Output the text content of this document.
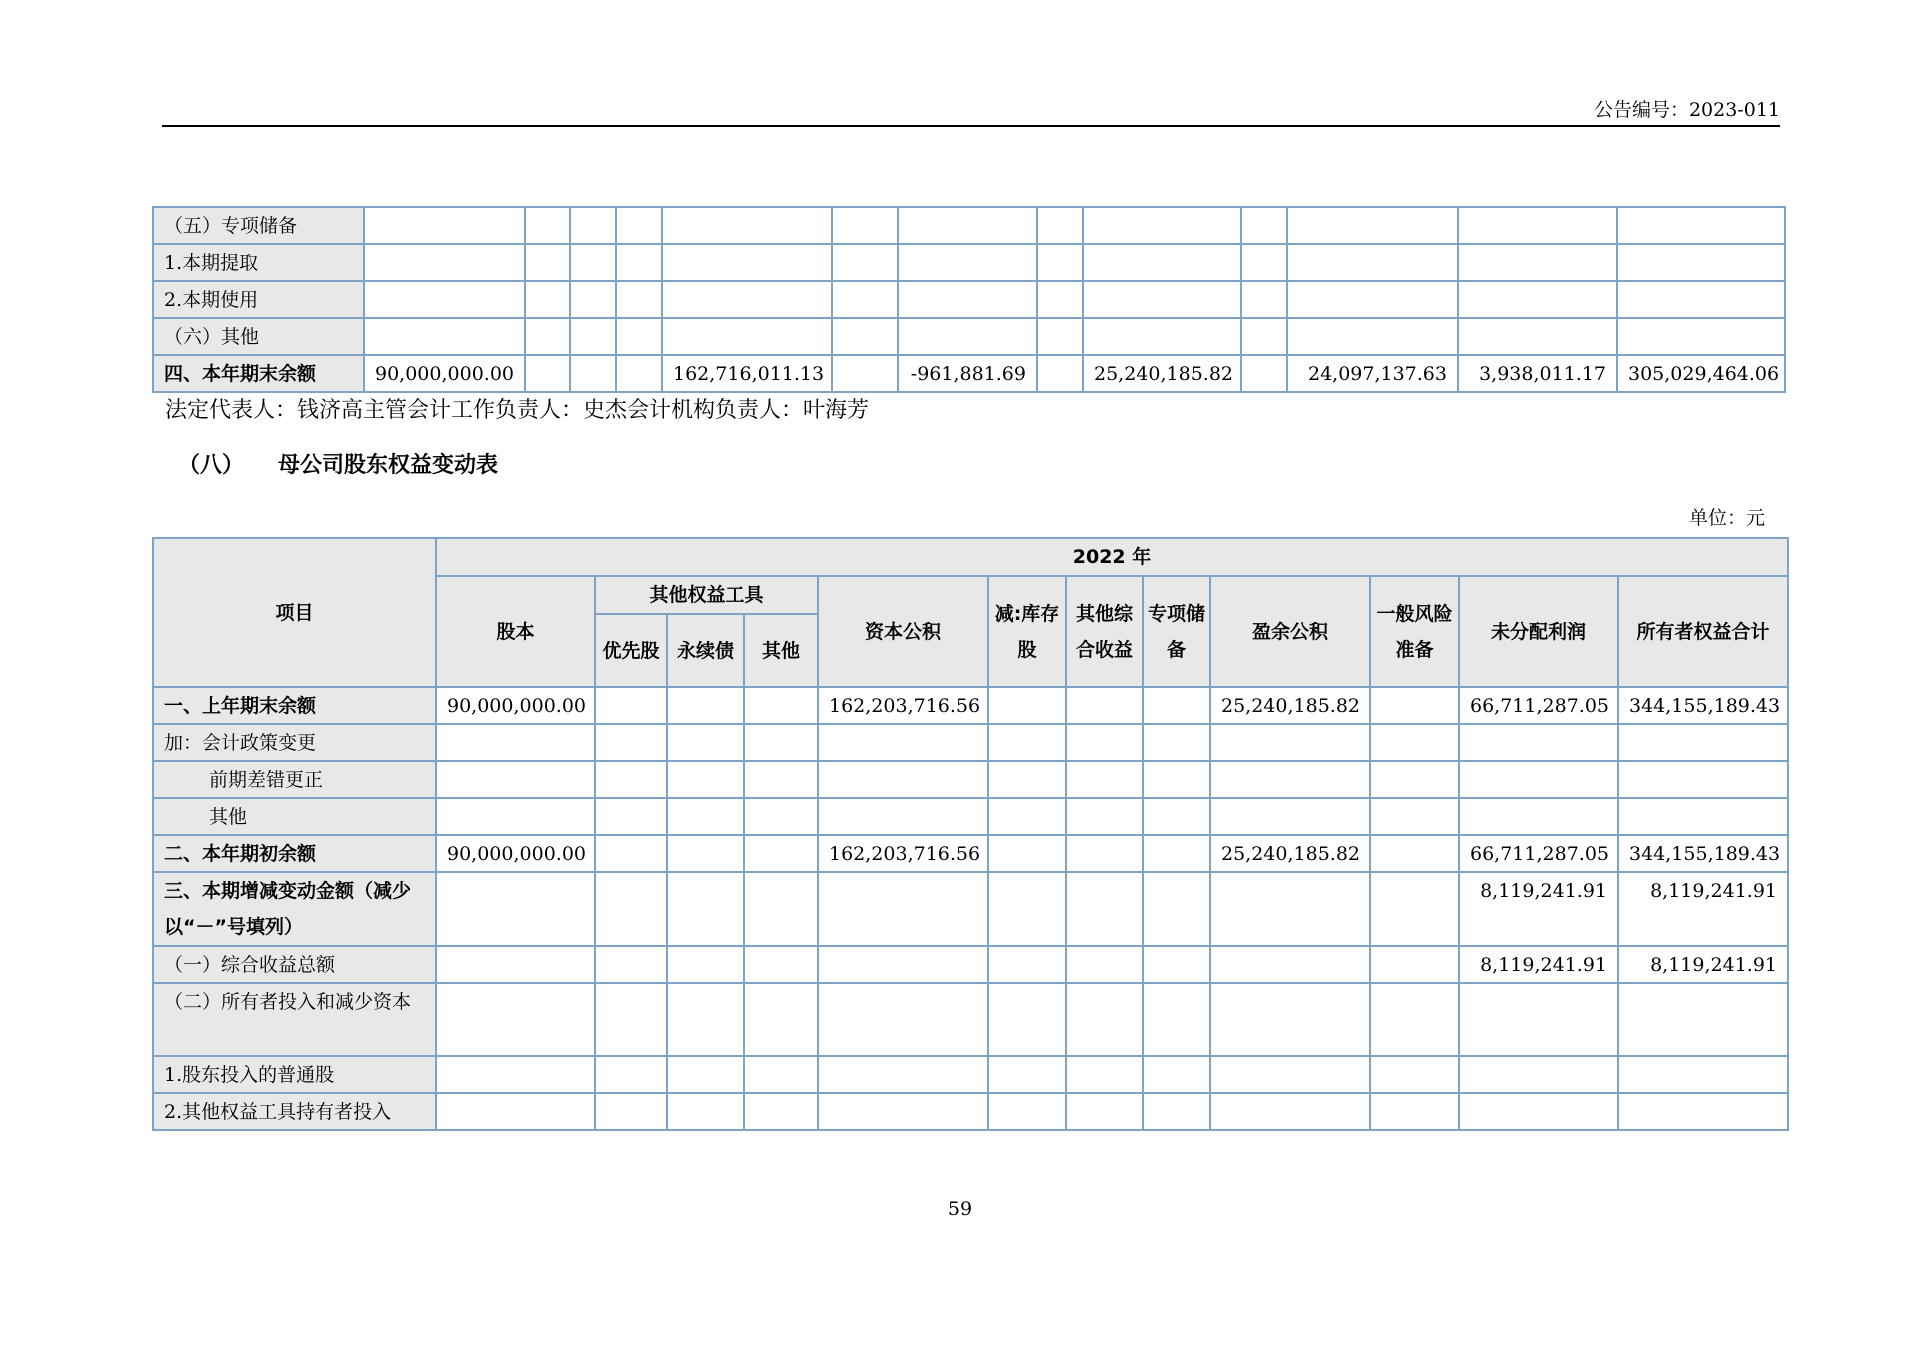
公告编号：2023-011
（五）专项储备													
1.本期提取													
2.本期使用													
（六）其他													
四、本年期末余额	90,000,000.00				162,716,011.13		-961,881.69		25,240,185.82		24,097,137.63	3,938,011.17	305,029,464.06
法定代表人：钱济高主管会计工作负责人：史杰会计机构负责人：叶海芳
（八） 母公司股东权益变动表
单位：元
项目	2022 年											
	股本	其他权益工具			资本公积	减:库存股	其他综合收益	专项储备	盈余公积	一般风险准备	未分配利润	所有者权益合计
		优先股	永续债	其他								
一、上年期末余额	90,000,000.00				162,203,716.56				25,240,185.82		66,711,287.05	344,155,189.43
加：会计政策变更												
前期差错更正												
其他												
二、本年期初余额	90,000,000.00				162,203,716.56				25,240,185.82		66,711,287.05	344,155,189.43
三、本期增减变动金额（减少以“－”号填列）											8,119,241.91	8,119,241.91
（一）综合收益总额											8,119,241.91	8,119,241.91
（二）所有者投入和减少资本												
1.股东投入的普通股												
2.其他权益工具持有者投入												
59
